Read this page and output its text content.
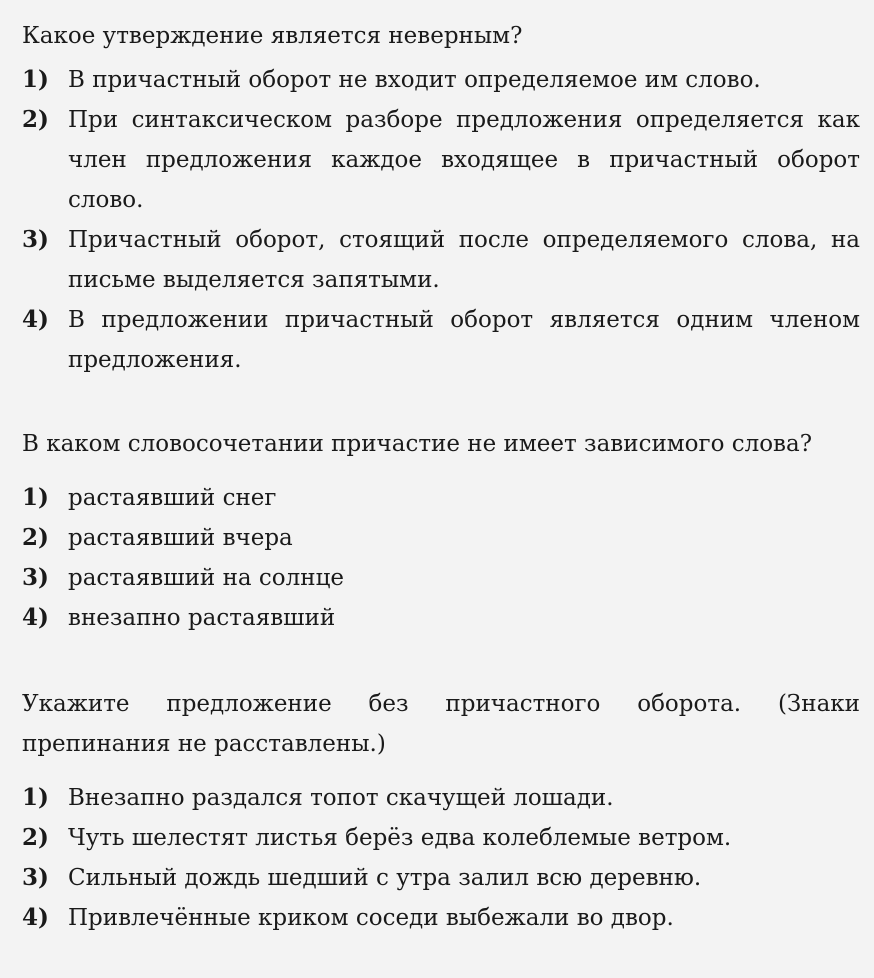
Какое утверждение является неверным?

1) В причастный оборот не входит определяемое им слово.
2) При синтаксическом разборе предложения определяется как член предложения каждое входящее в причастный оборот слово.
3) Причастный оборот, стоящий после определяемого слова, на письме выделяется запятыми.
4) В предложении причастный оборот является одним членом предложения.

В каком словосочетании причастие не имеет зависимого слова?

1) растаявший снег
2) растаявший вчера
3) растаявший на солнце
4) внезапно растаявший

Укажите предложение без причастного оборота. (Знаки препинания не расставлены.)

1) Внезапно раздался топот скачущей лошади.
2) Чуть шелестят листья берёз едва колеблемые ветром.
3) Сильный дождь шедший с утра залил всю деревню.
4) Привлечённые криком соседи выбежали во двор.
